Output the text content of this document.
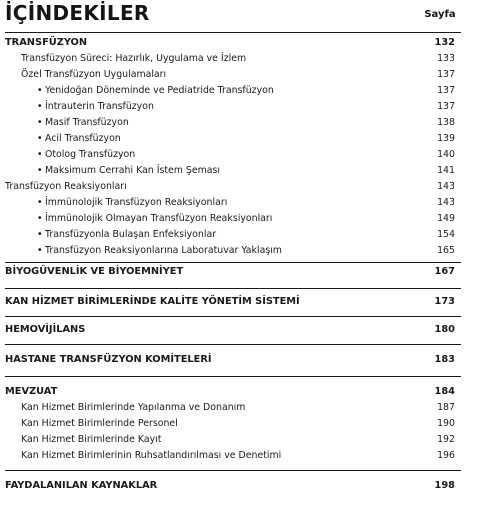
İÇİNDEKİLER	Sayfa
TRANSFÜZYON	132
Transfüzyon Süreci: Hazırlık, Uygulama ve İzlem	133
Özel Transfüzyon Uygulamaları	137
• Yenidoğan Döneminde ve Pediatride Transfüzyon	137
• İntrauterin Transfüzyon	137
• Masif Transfüzyon	138
• Acil Transfüzyon	139
• Otolog Transfüzyon	140
• Maksimum Cerrahi Kan İstem Şeması	141
Transfüzyon Reaksiyonları	143
• İmmünolojik Transfüzyon Reaksiyonları	143
• İmmünolojik Olmayan Transfüzyon Reaksiyonları	149
• Transfüzyonla Bulaşan Enfeksiyonlar	154
• Transfüzyon Reaksiyonlarına Laboratuvar Yaklaşım	165
BİYOGÜVENLİK VE BİYOEMNİYET	167
KAN HİZMET BİRİMLERİNDE KALİTE YÖNETİM SİSTEMİ	173
HEMOVİJİLANS	180
HASTANE TRANSFÜZYON KOMİTELERİ	183
MEVZUAT	184
Kan Hizmet Birimlerinde Yapılanma ve Donanım	187
Kan Hizmet Birimlerinde Personel	190
Kan Hizmet Birimlerinde Kayıt	192
Kan Hizmet Birimlerinin Ruhsatlandırılması ve Denetimi	196
FAYDALANILAN KAYNAKLAR	198
